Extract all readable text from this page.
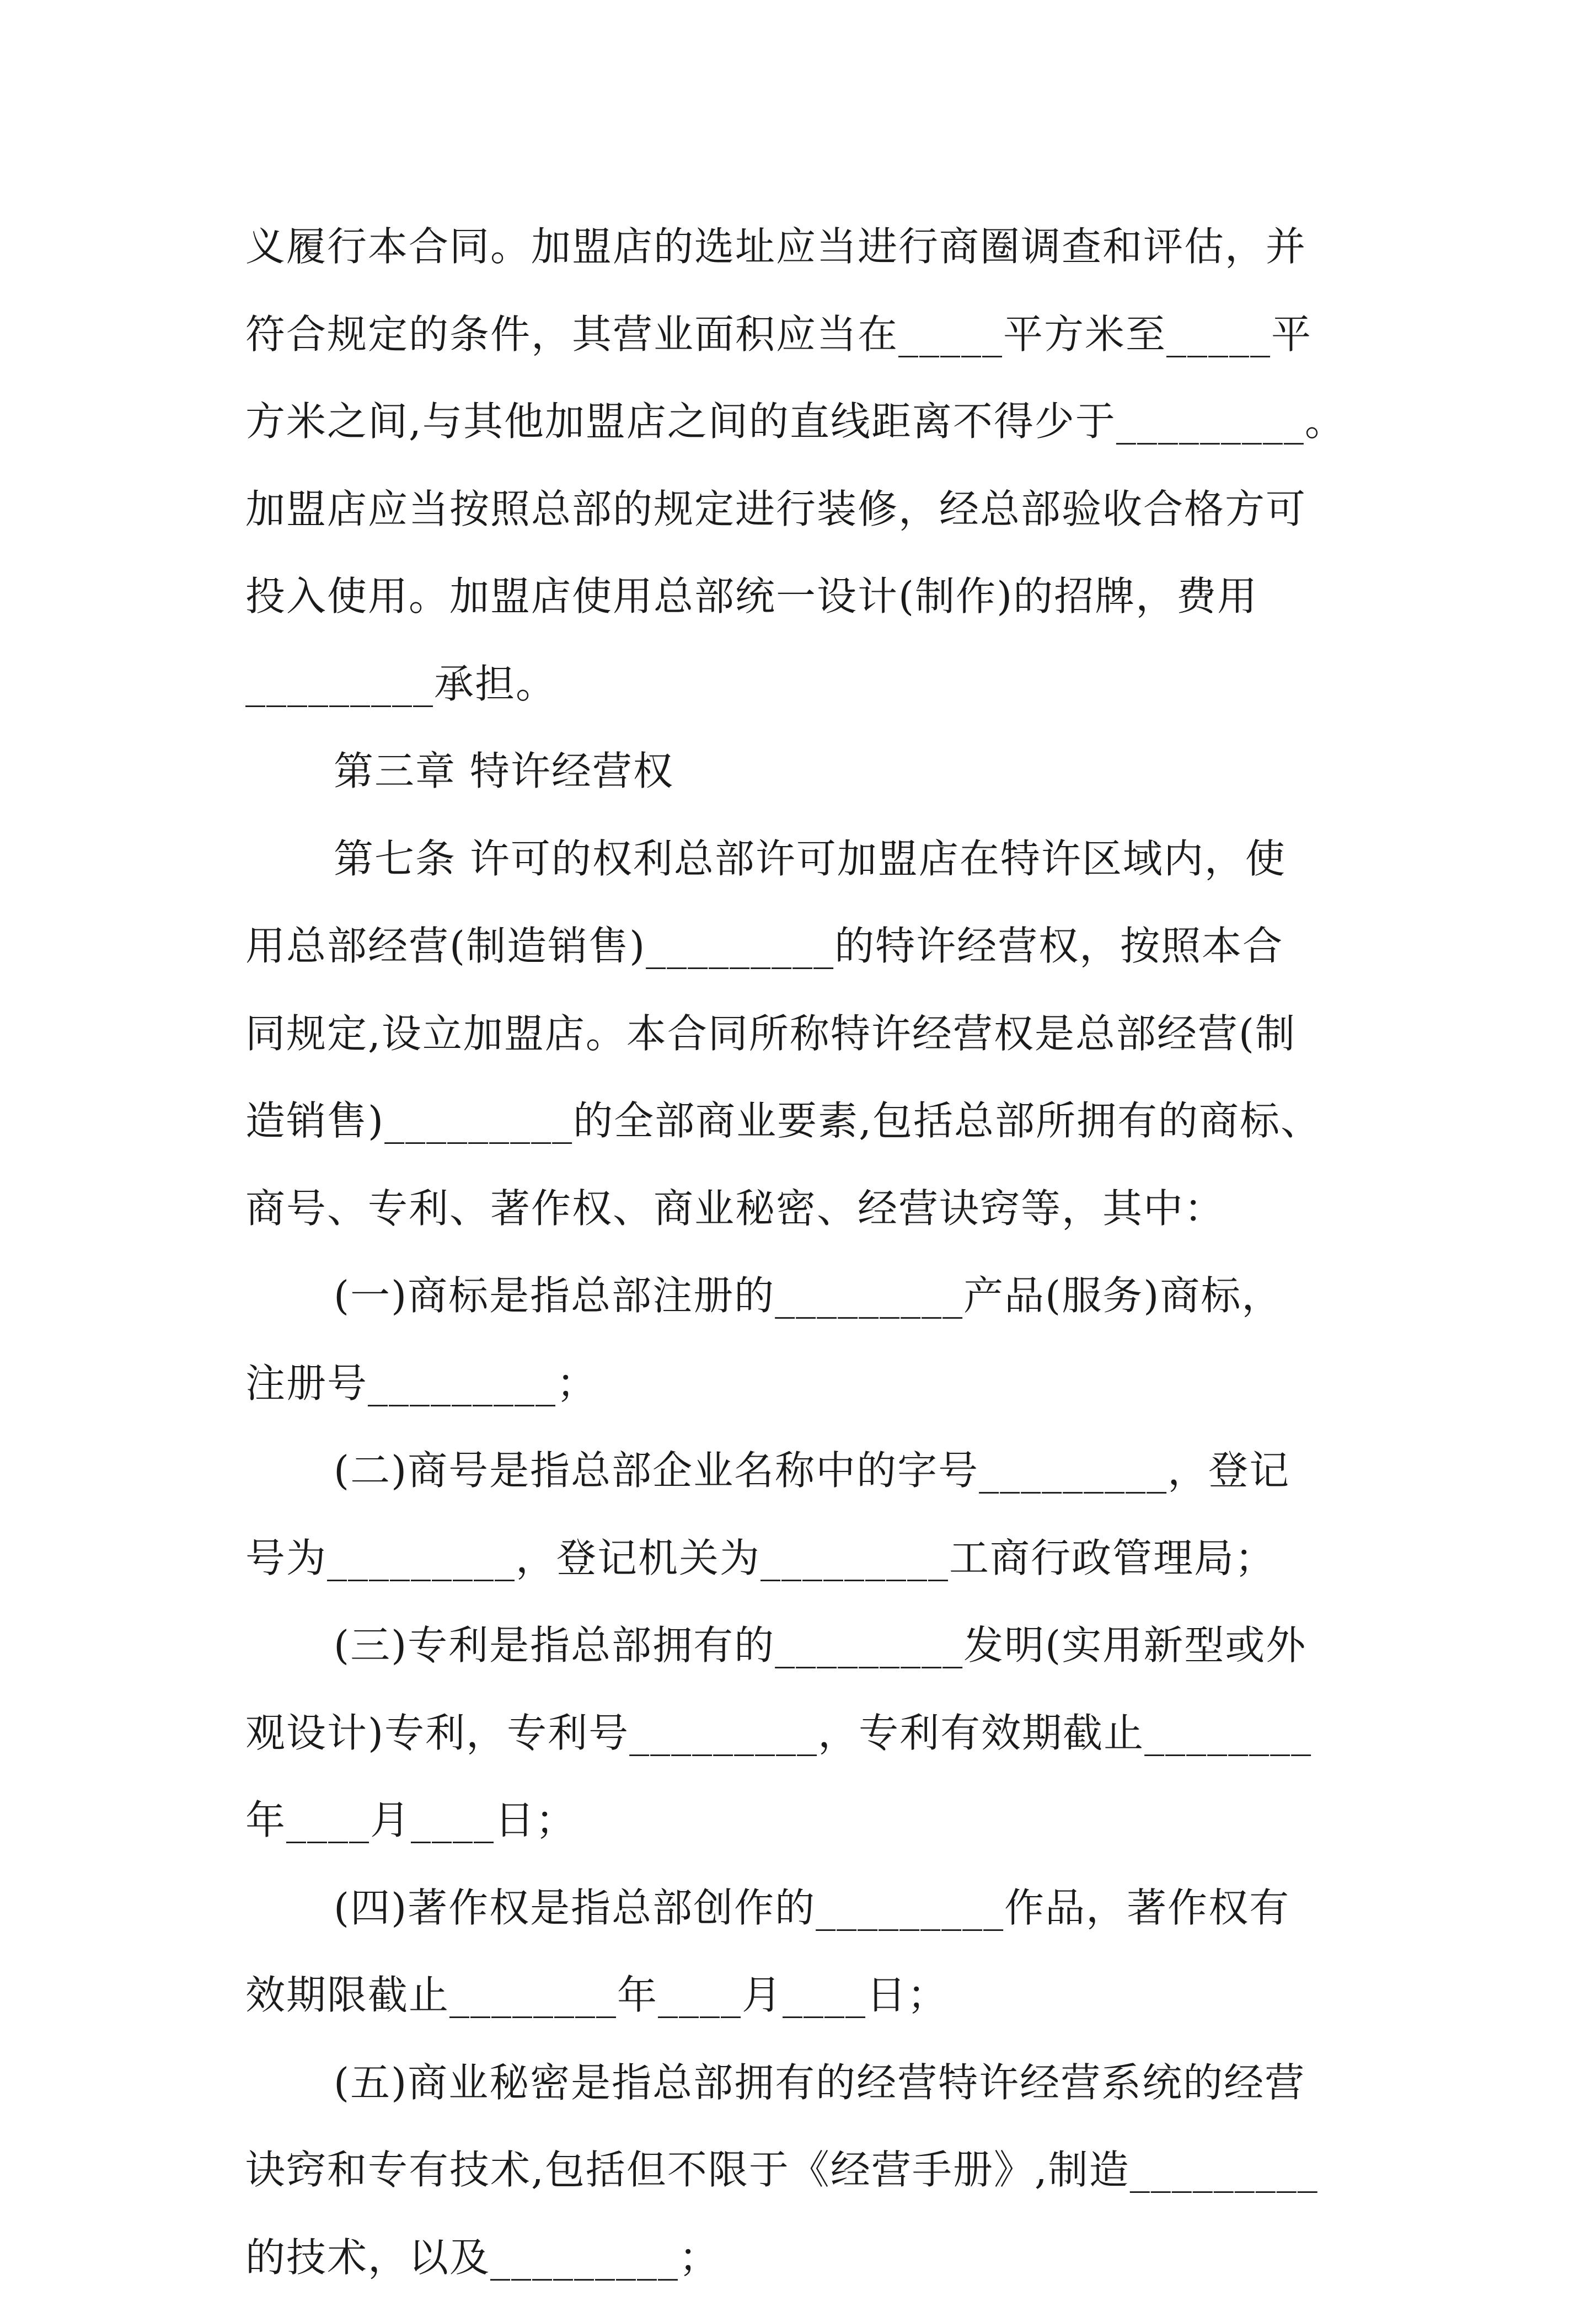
义履行本合同。加盟店的选址应当进行商圈调查和评估，并
符合规定的条件，其营业面积应当在_____平方米至_____平
方米之间,与其他加盟店之间的直线距离不得少于_________。
加盟店应当按照总部的规定进行装修，经总部验收合格方可
投入使用。加盟店使用总部统一设计(制作)的招牌，费用
_________承担。
第三章 特许经营权
第七条 许可的权利总部许可加盟店在特许区域内，使
用总部经营(制造销售)_________的特许经营权，按照本合
同规定,设立加盟店。本合同所称特许经营权是总部经营(制
造销售)_________的全部商业要素,包括总部所拥有的商标、
商号、专利、著作权、商业秘密、经营诀窍等，其中：
(一)商标是指总部注册的_________产品(服务)商标，
注册号_________；
(二)商号是指总部企业名称中的字号_________，登记
号为_________，登记机关为_________工商行政管理局；
(三)专利是指总部拥有的_________发明(实用新型或外
观设计)专利，专利号_________，专利有效期截止________
年____月____日；
(四)著作权是指总部创作的_________作品，著作权有
效期限截止________年____月____日；
(五)商业秘密是指总部拥有的经营特许经营系统的经营
诀窍和专有技术,包括但不限于《经营手册》,制造_________
的技术，以及_________；
